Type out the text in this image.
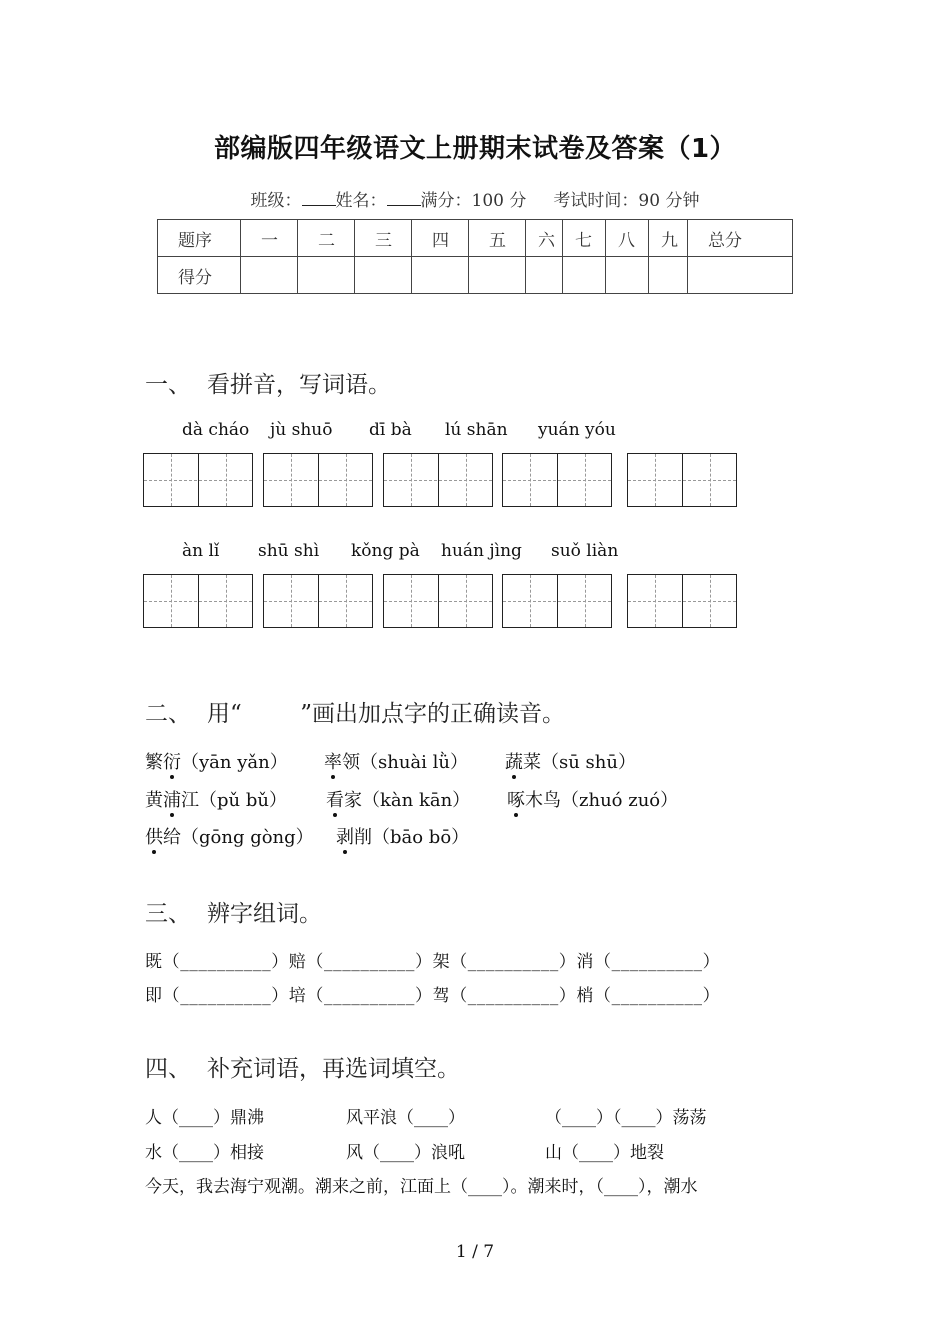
部编版四年级语文上册期末试卷及答案（1）
班级： 姓名： 满分：100 分 考试时间：90 分钟
题序	一	二	三	四	五	六	七	八	九	总分
得分										
一、 看拼音，写词语。
dà cháo jù shuō dī bà lú shān yuán yóu
àn lǐ shū shì kǒng pà huán jìng suǒ liàn
二、 用“        ”画出加点字的正确读音。
繁衍（yān yǎn） 率领（shuài lǜ） 蔬菜（sū shū）
黄浦江（pǔ bǔ） 看家（kàn kān） 啄木鸟（zhuó zuó）
供给（gōng gòng） 剥削（bāo bō）
三、 辨字组词。
既（__________）赔（__________）架（__________）消（__________）
即（__________）培（__________）驾（__________）梢（__________）
四、 补充词语，再选词填空。
人（____）鼎沸	风平浪（____）	（____）（____）荡荡
水（____）相接	风（____）浪吼	山（____）地裂
今天，我去海宁观潮。潮来之前，江面上（____）。潮来时，（____），潮水
1 / 7
